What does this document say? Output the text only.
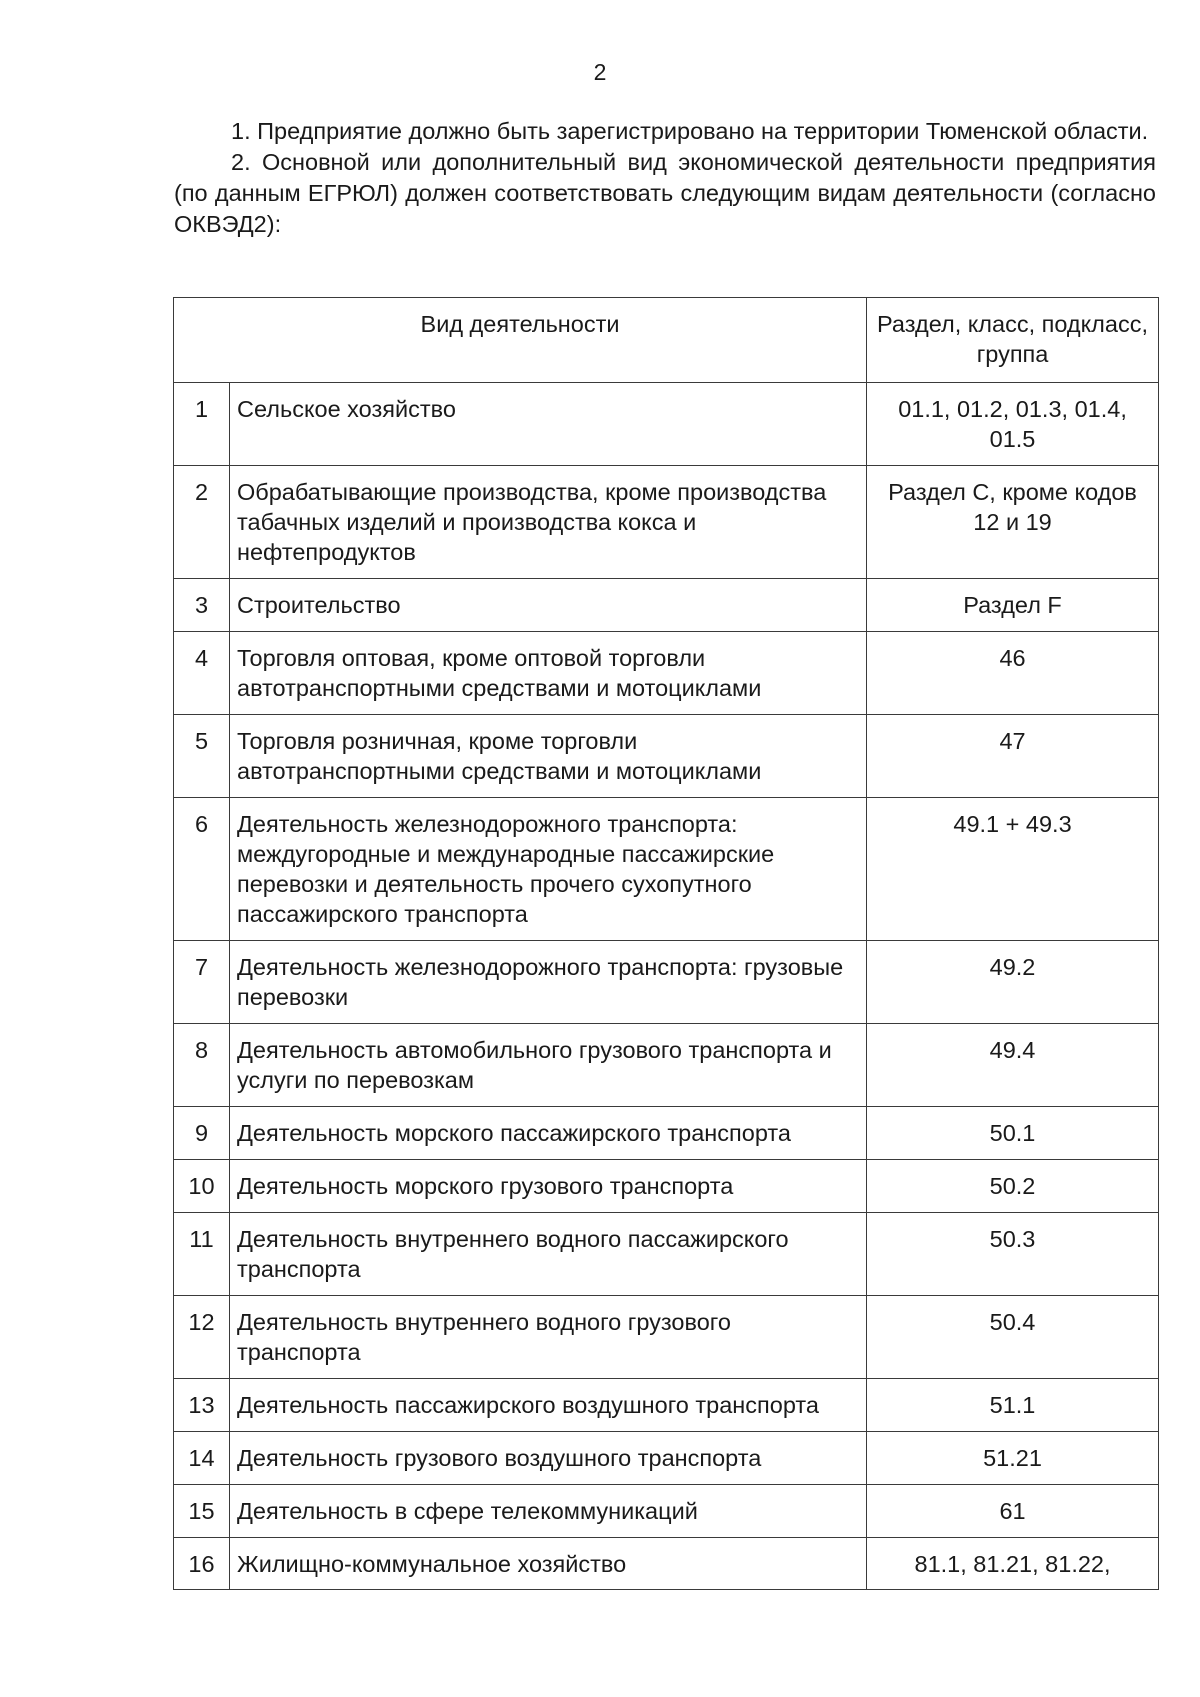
2

1. Предприятие должно быть зарегистрировано на территории Тюменской области.

2. Основной или дополнительный вид экономической деятельности предприятия (по данным ЕГРЮЛ) должен соответствовать следующим видам деятельности (согласно ОКВЭД2):

Вид деятельности		Раздел, класс, подкласс, группа
1	Сельское хозяйство	01.1, 01.2, 01.3, 01.4, 01.5
2	Обрабатывающие производства, кроме производства табачных изделий и производства кокса и нефтепродуктов	Раздел С, кроме кодов 12 и 19
3	Строительство	Раздел F
4	Торговля оптовая, кроме оптовой торговли автотранспортными средствами и мотоциклами	46
5	Торговля розничная, кроме торговли автотранспортными средствами и мотоциклами	47
6	Деятельность железнодорожного транспорта: междугородные и международные пассажирские перевозки и деятельность прочего сухопутного пассажирского транспорта	49.1 + 49.3
7	Деятельность железнодорожного транспорта: грузовые перевозки	49.2
8	Деятельность автомобильного грузового транспорта и услуги по перевозкам	49.4
9	Деятельность морского пассажирского транспорта	50.1
10	Деятельность морского грузового транспорта	50.2
11	Деятельность внутреннего водного пассажирского транспорта	50.3
12	Деятельность внутреннего водного грузового транспорта	50.4
13	Деятельность пассажирского воздушного транспорта	51.1
14	Деятельность грузового воздушного транспорта	51.21
15	Деятельность в сфере телекоммуникаций	61
16	Жилищно-коммунальное хозяйство	81.1, 81.21, 81.22,
